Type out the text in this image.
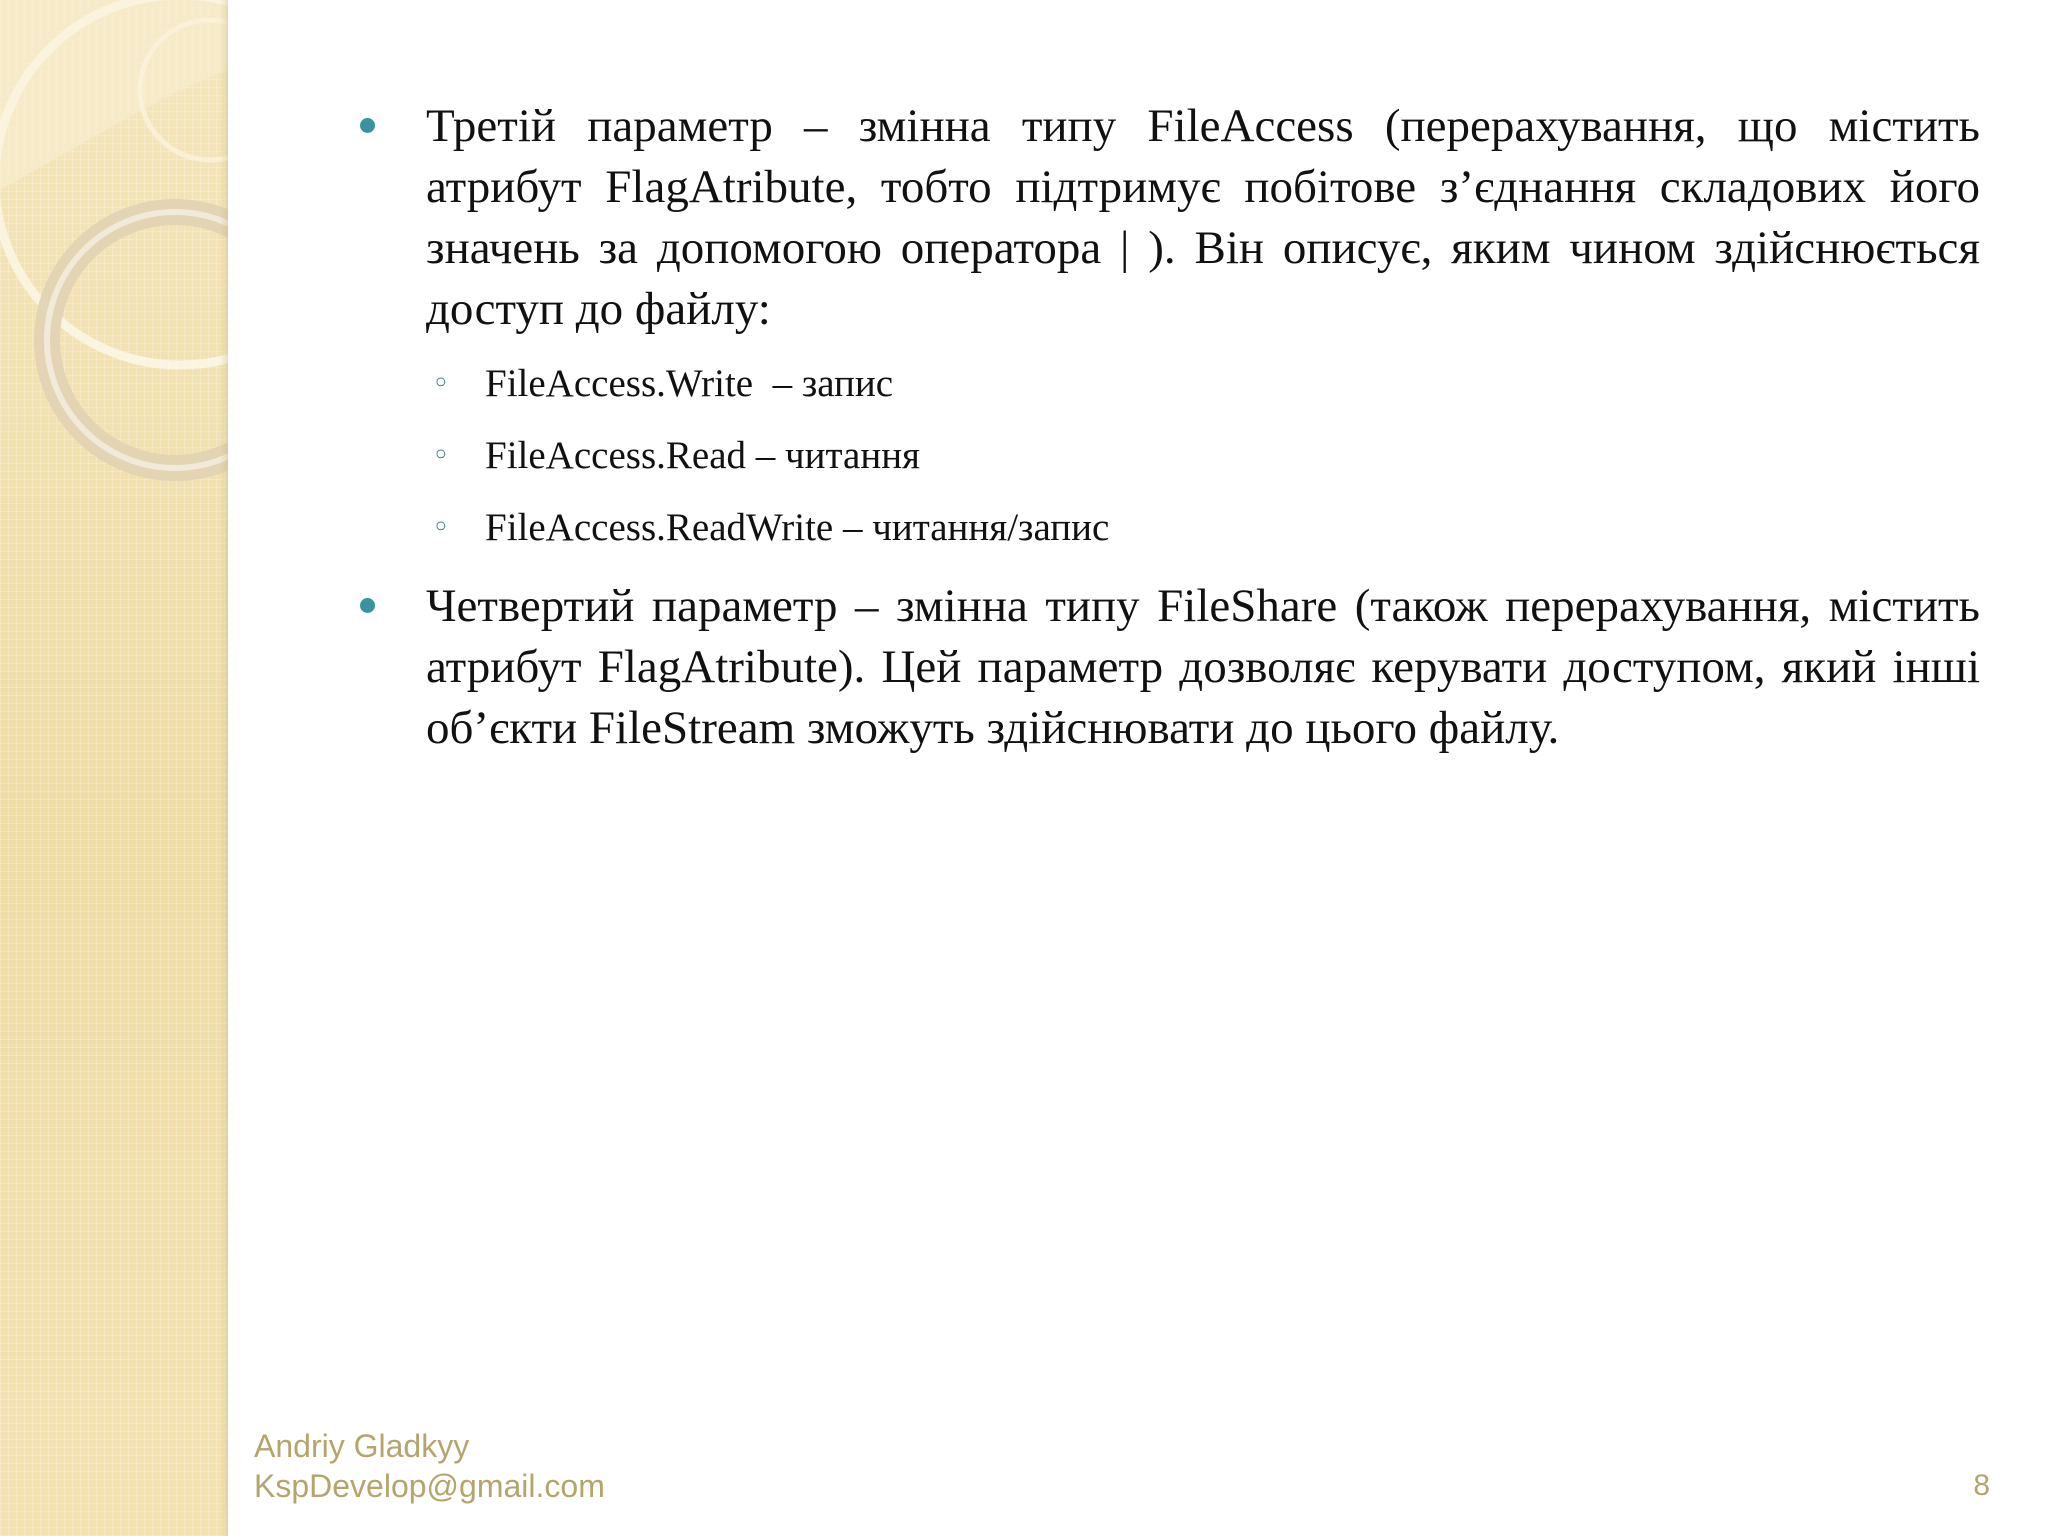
Третій параметр – змінна типу FileAccess (перерахування, що містить атрибут FlagAtribute, тобто підтримує побітове з’єднання складових його значень за допомогою оператора | ). Він описує, яким чином здійснюється доступ до файлу:
◦ FileAccess.Write  – запис
◦ FileAccess.Read – читання
◦ FileAccess.ReadWrite – читання/запис
Четвертий параметр – змінна типу FileShare (також перерахування, містить атрибут FlagAtribute). Цей параметр дозволяє керувати доступом, який інші об’єкти FileStream зможуть здійснювати до цього файлу.
Andriy Gladkyy
KspDevelop@gmail.com	8
